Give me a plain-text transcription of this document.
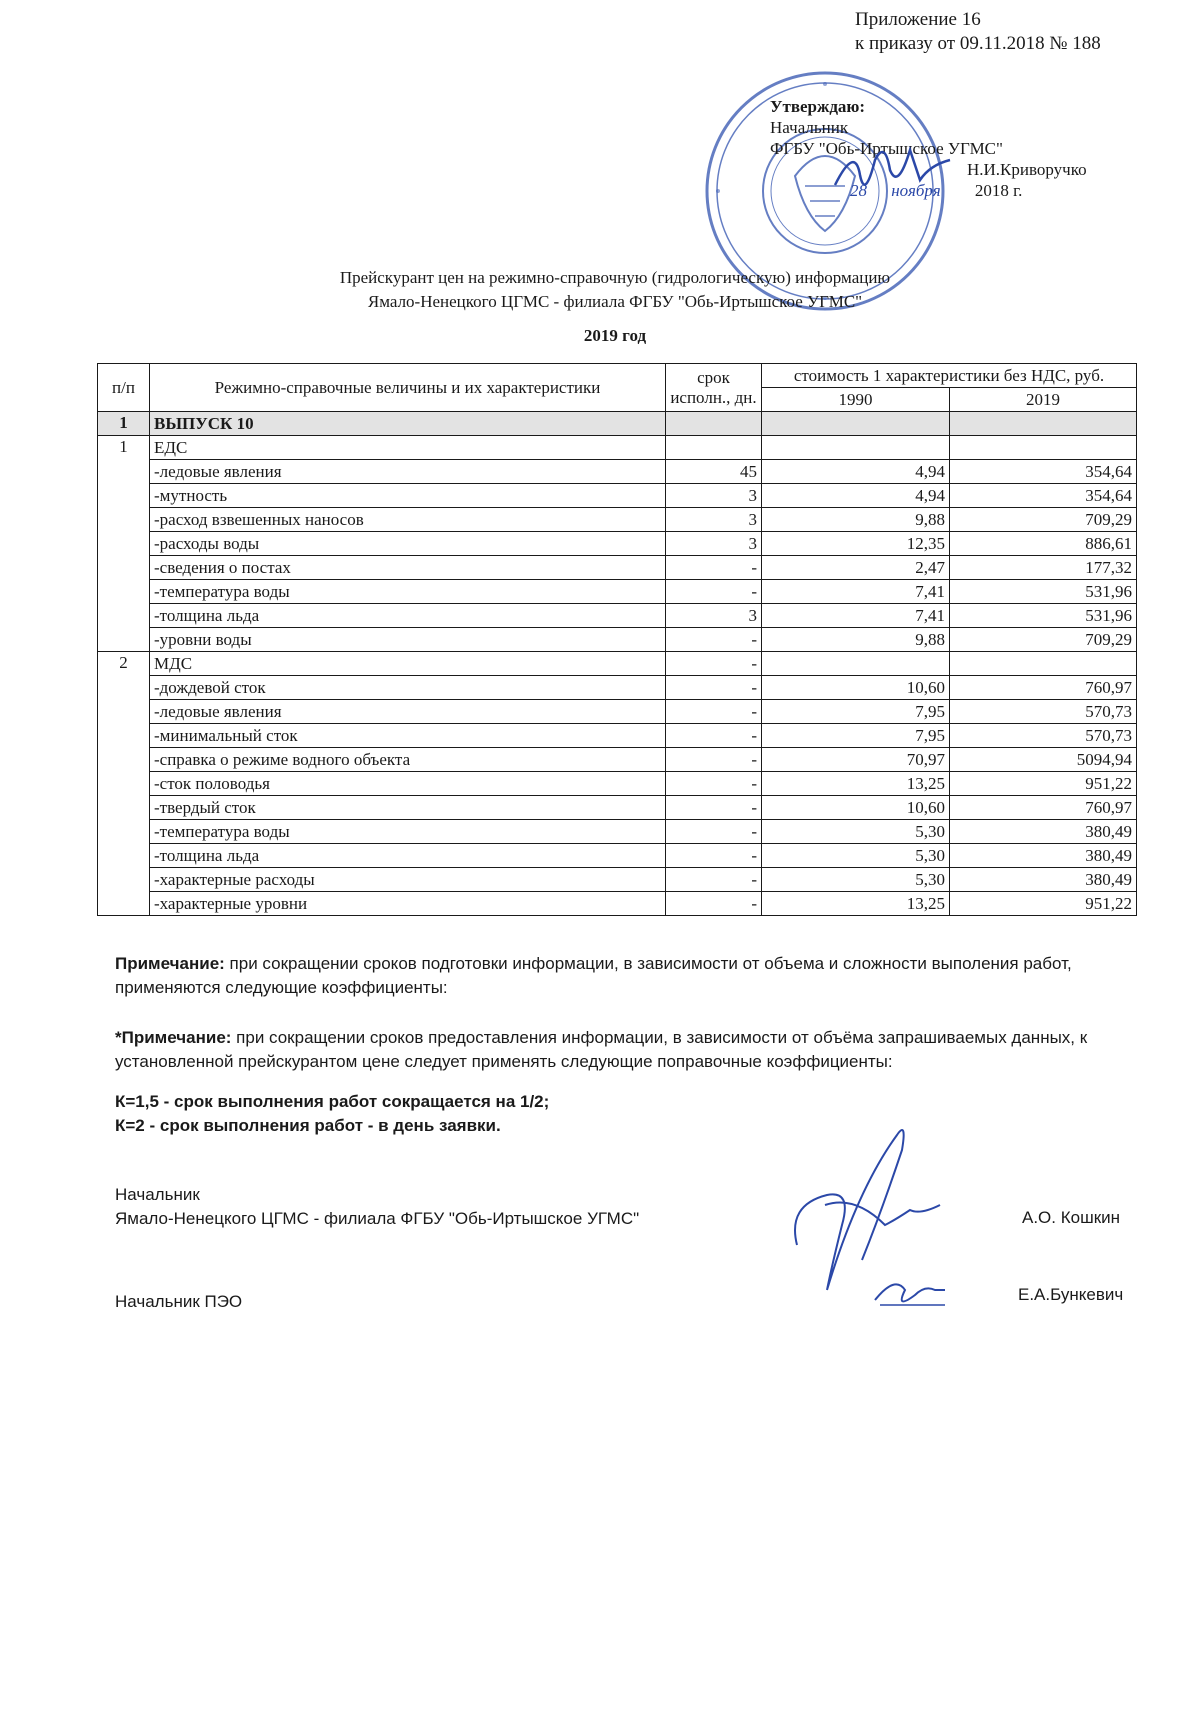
Приложение 16
к приказу от 09.11.2018 № 188
Утверждаю:
Начальник
ФГБУ "Обь-Иртышское УГМС"
Н.И.Криворучко
28 ноября 2018 г.
Прейскурант цен на режимно-справочную (гидрологическую) информацию
Ямало-Ненецкого ЦГМС - филиала ФГБУ "Обь-Иртышское УГМС"
2019 год
п/п	Режимно-справочные величины и их характеристики	срок исполн., дн.	стоимость 1 характеристики без НДС, руб.	
			1990	2019
1	ВЫПУСК 10			
1	ЕДС			
	-ледовые явления	45	4,94	354,64
	-мутность	3	4,94	354,64
	-расход взвешенных наносов	3	9,88	709,29
	-расходы воды	3	12,35	886,61
	-сведения о постах	-	2,47	177,32
	-температура воды	-	7,41	531,96
	-толщина льда	3	7,41	531,96
	-уровни воды	-	9,88	709,29
2	МДС	-		
	-дождевой сток	-	10,60	760,97
	-ледовые явления	-	7,95	570,73
	-минимальный сток	-	7,95	570,73
	-справка о режиме водного объекта	-	70,97	5094,94
	-сток половодья	-	13,25	951,22
	-твердый сток	-	10,60	760,97
	-температура воды	-	5,30	380,49
	-толщина льда	-	5,30	380,49
	-характерные расходы	-	5,30	380,49
	-характерные уровни	-	13,25	951,22

Примечание: при сокращении сроков подготовки информации, в зависимости от объема и сложности выполения работ, применяются следующие коэффициенты:

*Примечание: при сокращении сроков предоставления информации, в зависимости от объёма запрашиваемых данных, к установленной прейскурантом цене следует применять следующие поправочные коэффициенты:

К=1,5 - срок выполнения работ сокращается на 1/2;

К=2 - срок выполнения работ - в день заявки.

Начальник
Ямало-Ненецкого ЦГМС - филиала ФГБУ "Обь-Иртышское УГМС"	А.О. Кошкин
Начальник ПЭО	Е.А.Бункевич
